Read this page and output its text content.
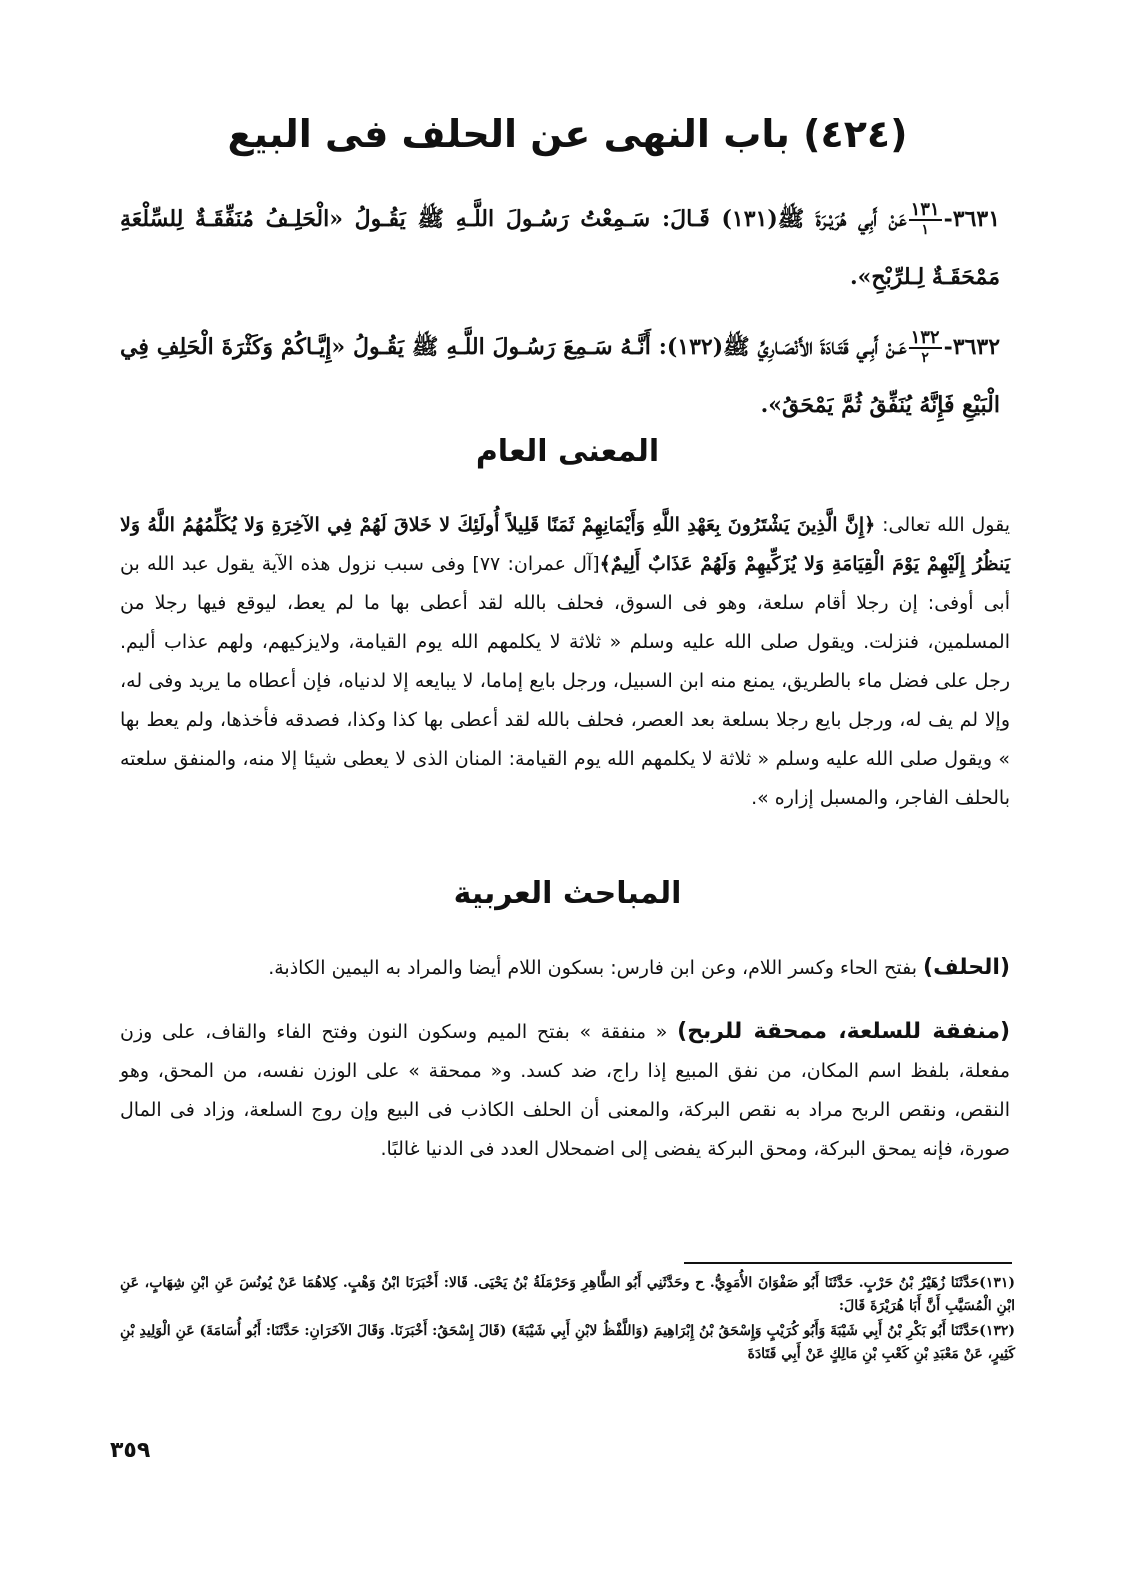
(٤٢٤) باب النهى عن الحلف فى البيع

٣٦٣١-
$\frac{١٣١}{١}$
عَنْ أَبِي هُرَيْـرَةَ ﷺ(١٣١) قَـالَ: سَـمِعْتُ رَسُـولَ اللَّـهِ ﷺ يَقُـولُ «الْحَلِـفُ مُنَفِّقَـةٌ لِلسِّلْعَةِ مَمْحَقَـةٌ لِـلرِّبْحِ».

٣٦٣٢-
$\frac{١٣٢}{٢}$
عَـنْ أَبِـي قَتَـادَةَ الأَنْصَـارِيِّ ﷺ(١٣٢): أَنَّـهُ سَـمِعَ رَسُـولَ اللَّـهِ ﷺ يَقُـولُ «إِيَّـاكُمْ وَكَثْرَةَ الْحَلِفِ فِي الْبَيْعِ فَإِنَّهُ يُنَفِّقُ ثُمَّ يَمْحَقُ».

المعنى العام

يقول الله تعالى: ﴿إِنَّ الَّذِينَ يَشْتَرُونَ بِعَهْدِ اللَّهِ وَأَيْمَانِهِمْ ثَمَنًا قَلِيلاً أُولَئِكَ لا خَلاقَ لَهُمْ فِي الآخِرَةِ وَلا يُكَلِّمُهُمُ اللَّهُ وَلا يَنظُرُ إِلَيْهِمْ يَوْمَ الْقِيَامَةِ وَلا يُزَكِّيهِمْ وَلَهُمْ عَذَابٌ أَلِيمٌ﴾[آل عمران: ٧٧] وفى سبب نزول هذه الآية يقول عبد الله بن أبى أوفى: إن رجلا أقام سلعة، وهو فى السوق، فحلف بالله لقد أعطى بها ما لم يعط، ليوقع فيها رجلا من المسلمين، فنزلت. ويقول صلى الله عليه وسلم « ثلاثة لا يكلمهم الله يوم القيامة، ولايزكيهم، ولهم عذاب أليم. رجل على فضل ماء بالطريق، يمنع منه ابن السبيل، ورجل بايع إماما، لا يبايعه إلا لدنياه، فإن أعطاه ما يريد وفى له، وإلا لم يف له، ورجل بايع رجلا بسلعة بعد العصر، فحلف بالله لقد أعطى بها كذا وكذا، فصدقه فأخذها، ولم يعط بها » ويقول صلى الله عليه وسلم « ثلاثة لا يكلمهم الله يوم القيامة: المنان الذى لا يعطى شيئا إلا منه، والمنفق سلعته بالحلف الفاجر، والمسبل إزاره ».

المباحث العربية

(الحلف) بفتح الحاء وكسر اللام، وعن ابن فارس: بسكون اللام أيضا والمراد به اليمين الكاذبة.

(منفقة للسلعة، ممحقة للربح) « منفقة » بفتح الميم وسكون النون وفتح الفاء والقاف، على وزن مفعلة، بلفظ اسم المكان، من نفق المبيع إذا راج، ضد كسد. و« ممحقة » على الوزن نفسه، من المحق، وهو النقص، ونقص الربح مراد به نقص البركة، والمعنى أن الحلف الكاذب فى البيع وإن روج السلعة، وزاد فى المال صورة، فإنه يمحق البركة، ومحق البركة يفضى إلى اضمحلال العدد فى الدنيا غالبًا.

(١٣١)حَدَّثَنَا زُهَيْرُ بْنُ حَرْبٍ. حَدَّثَنَا أَبُو صَفْوَانَ الأُمَوِيُّ. ح وحَدَّثَنِي أَبُو الطَّاهِرِ وَحَرْمَلَةُ بْنُ يَحْيَى. قَالا: أَخْبَرَنَا ابْنُ وَهْبٍ. كِلاهُمَا عَنْ يُونُسَ عَنِ ابْنِ شِهَابٍ، عَنِ ابْنِ الْمُسَيَّبِ أَنَّ أَبَا هُرَيْرَةَ قَالَ:

(١٣٢)حَدَّثَنَا أَبُو بَكْرِ بْنُ أَبِي شَيْبَةَ وَأَبُو كُرَيْبٍ وَإِسْحَقُ بْنُ إِبْرَاهِيمَ (وَاللَّفْظُ لابْنِ أَبِي شَيْبَةَ) (قَالَ إِسْحَقُ: أَخْبَرَنَا. وَقَالَ الآخَرَانِ: حَدَّثَنَا: أَبُو أُسَامَةَ) عَنِ الْوَلِيدِ بْنِ كَثِيرٍ، عَنْ مَعْبَدِ بْنِ كَعْبِ بْنِ مَالِكٍ عَنْ أَبِي قَتَادَةَ

٣٥٩
